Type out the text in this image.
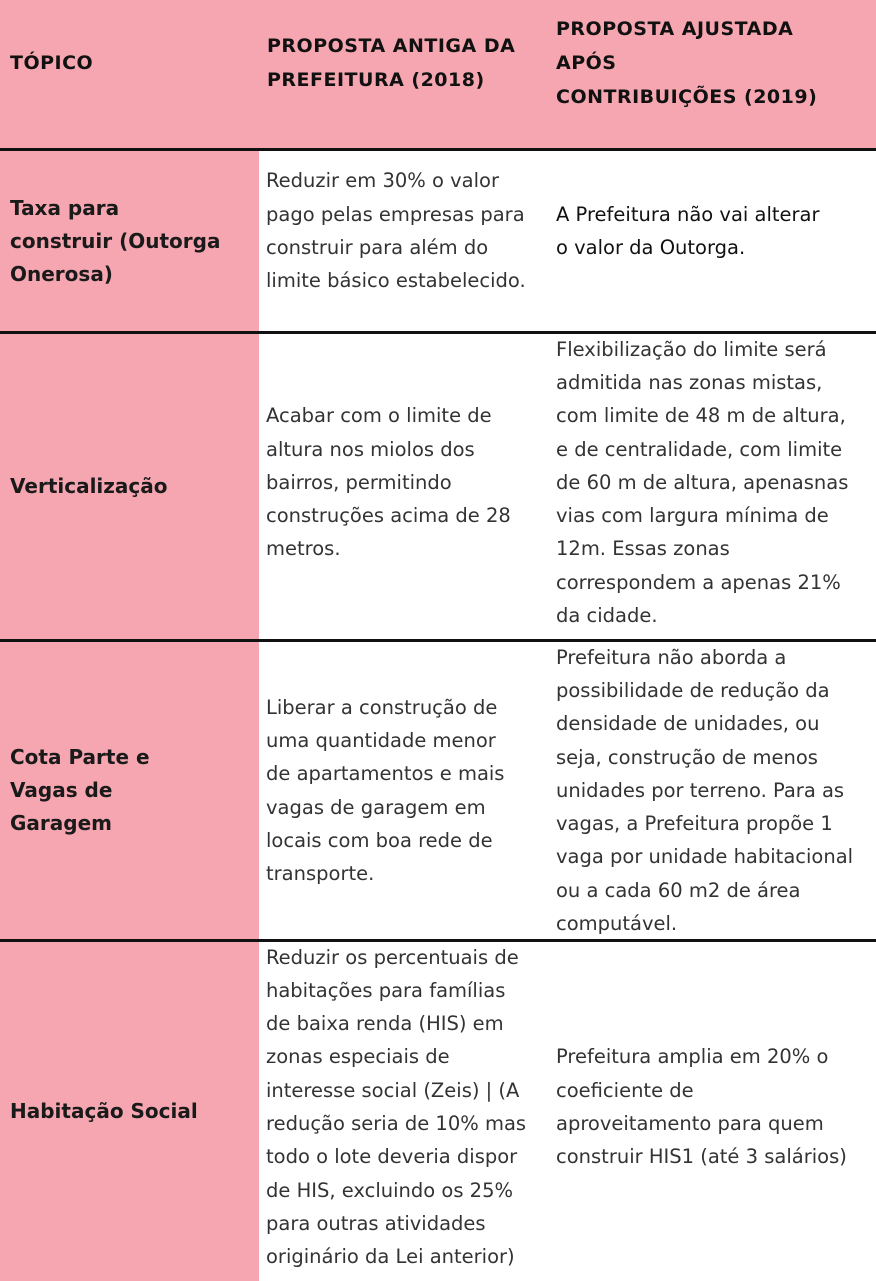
TÓPICO
PROPOSTA ANTIGA DA
PREFEITURA (2018)
PROPOSTA AJUSTADA
APÓS
CONTRIBUIÇÕES (2019)
Taxa para
construir (Outorga
Onerosa)
Reduzir em 30% o valor
pago pelas empresas para
construir para além do
limite básico estabelecido.
A Prefeitura não vai alterar
o valor da Outorga.
Verticalização
Acabar com o limite de
altura nos miolos dos
bairros, permitindo
construções acima de 28
metros.
Flexibilização do limite será
admitida nas zonas mistas,
com limite de 48 m de altura,
e de centralidade, com limite
de 60 m de altura, apenasnas
vias com largura mínima de
12m. Essas zonas
correspondem a apenas 21%
da cidade.
Cota Parte e
Vagas de
Garagem
Liberar a construção de
uma quantidade menor
de apartamentos e mais
vagas de garagem em
locais com boa rede de
transporte.
Prefeitura não aborda a
possibilidade de redução da
densidade de unidades, ou
seja, construção de menos
unidades por terreno. Para as
vagas, a Prefeitura propõe 1
vaga por unidade habitacional
ou a cada 60 m2 de área
computável.
Habitação Social
Reduzir os percentuais de
habitações para famílias
de baixa renda (HIS) em
zonas especiais de
interesse social (Zeis) | (A
redução seria de 10% mas
todo o lote deveria dispor
de HIS, excluindo os 25%
para outras atividades
originário da Lei anterior)
Prefeitura amplia em 20% o
coeficiente de
aproveitamento para quem
construir HIS1 (até 3 salários)
